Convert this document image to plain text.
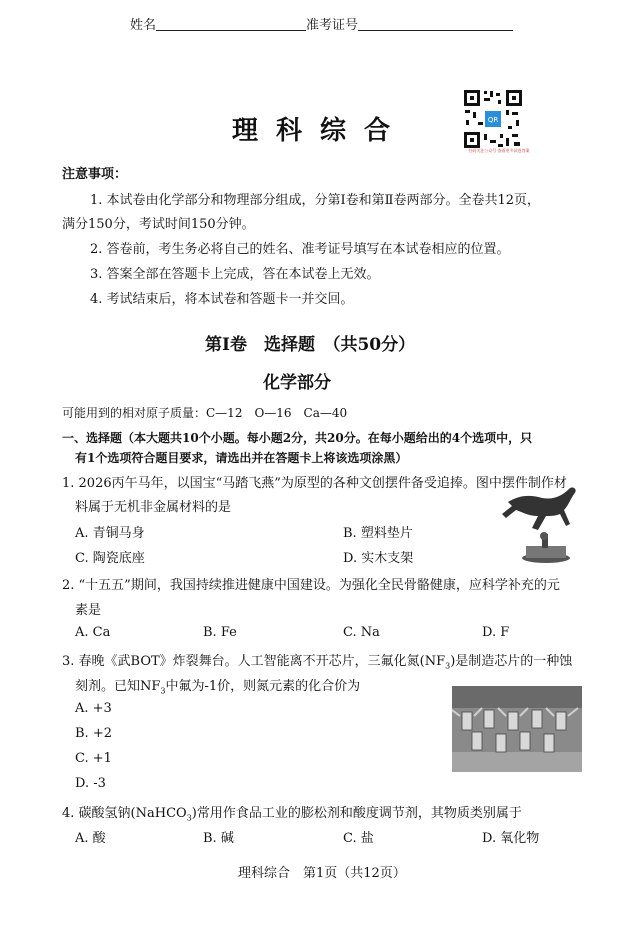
姓名	准考证号
理科综合	QR
扫码关注公众号 查看更多试卷答案
注意事项：
1. 本试卷由化学部分和物理部分组成，分第Ⅰ卷和第Ⅱ卷两部分。全卷共12页，
满分150分，考试时间150分钟。
2. 答卷前，考生务必将自己的姓名、准考证号填写在本试卷相应的位置。
3. 答案全部在答题卡上完成，答在本试卷上无效。
4. 考试结束后，将本试卷和答题卡一并交回。
第Ⅰ卷　选择题　（共50分）
化学部分
可能用到的相对原子质量：C—12　O—16　Ca—40
一、选择题（本大题共10个小题。每小题2分，共20分。在每小题给出的4个选项中，只
有1个选项符合题目要求，请选出并在答题卡上将该选项涂黑）
1. 2026丙午马年，以国宝“马踏飞燕”为原型的各种文创摆件备受追捧。图中摆件制作材
料属于无机非金属材料的是
A. 青铜马身	B. 塑料垫片
C. 陶瓷底座	D. 实木支架
2. “十五五”期间，我国持续推进健康中国建设。为强化全民骨骼健康，应科学补充的元
素是
A. Ca	B. Fe	C. Na	D. F
3. 春晚《武BOT》炸裂舞台。人工智能离不开芯片，三氟化氮$(NF_3)$是制造芯片的一种蚀
刻剂。已知$NF_3$中氟为-1价，则氮元素的化合价为
A. +3
B. +2
C. +1
D. -3
4. 碳酸氢钠(NaHCO$_3$)常用作食品工业的膨松剂和酸度调节剂，其物质类别属于
A. 酸	B. 碱	C. 盐	D. 氧化物
理科综合　第1页（共12页）
